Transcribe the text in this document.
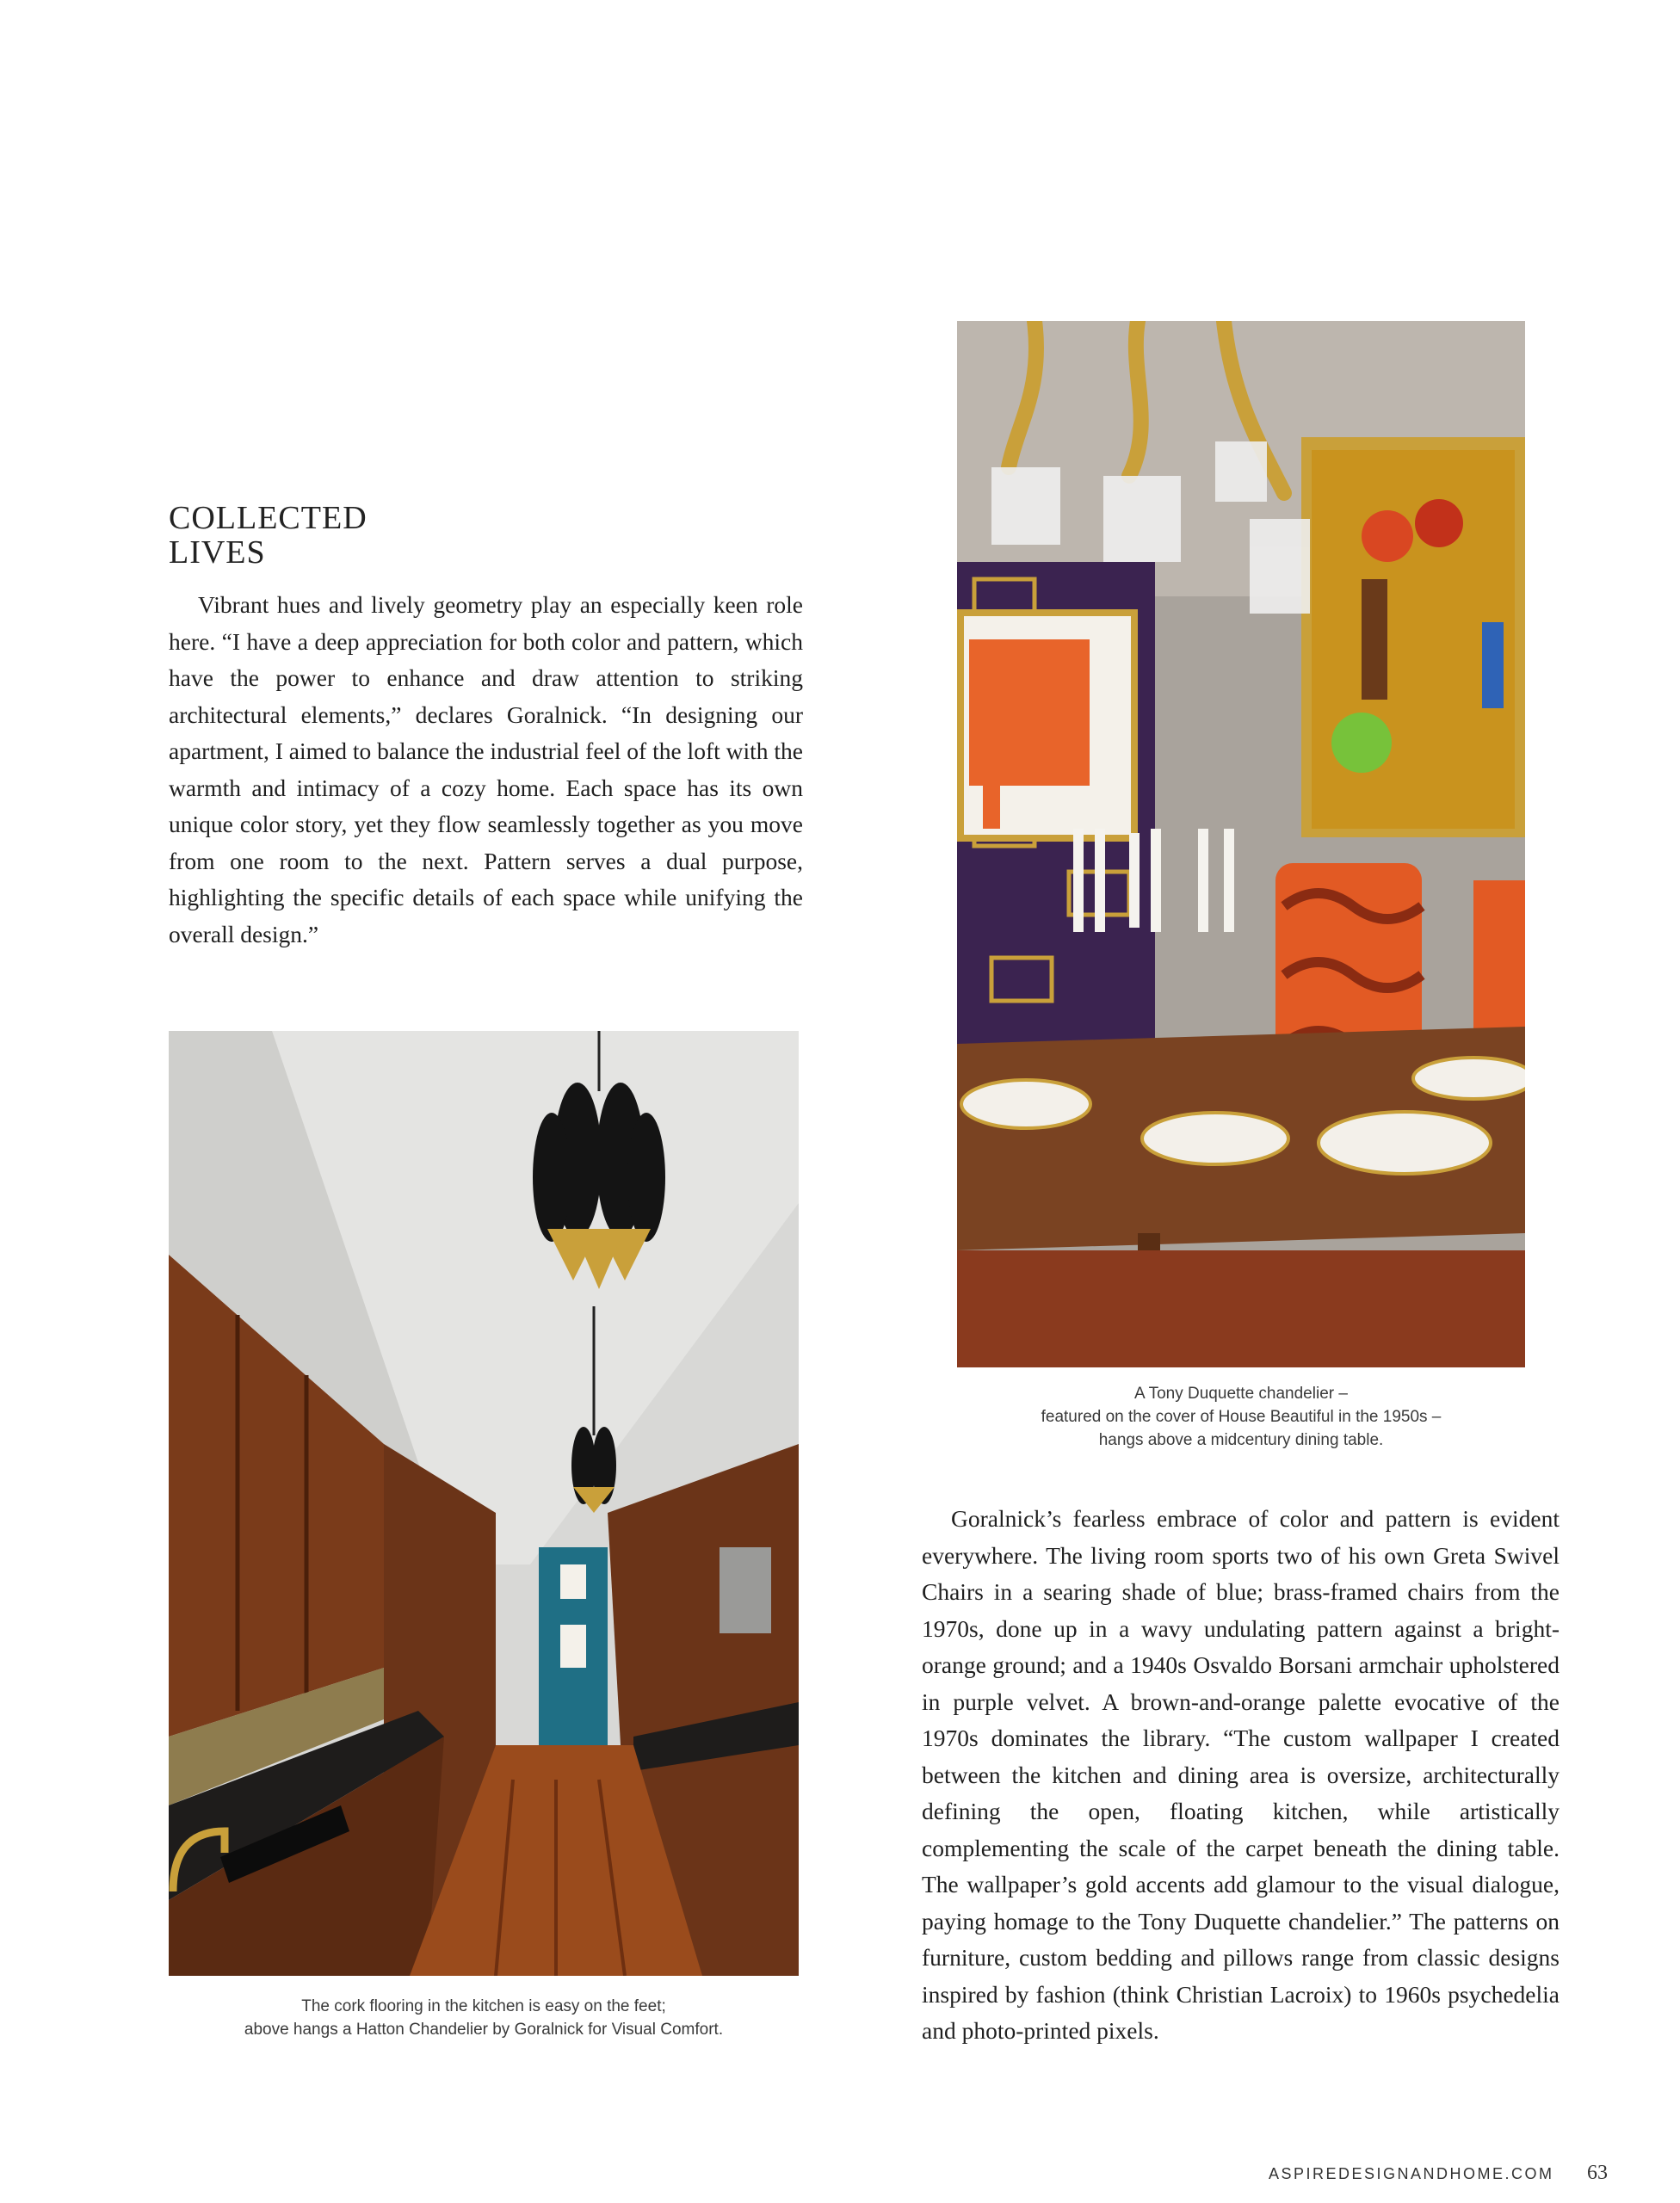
COLLECTED
LIVES

Vibrant hues and lively geometry play an especially keen role here. “I have a deep appreciation for both color and pattern, which have the power to enhance and draw attention to striking architectural elements,” declares Goralnick. “In designing our apartment, I aimed to balance the industrial feel of the loft with the warmth and intimacy of a cozy home. Each space has its own unique color story, yet they flow seamlessly together as you move from one room to the next. Pattern serves a dual purpose, highlighting the specific details of each space while unifying the overall design.”

A Tony Duquette chandelier –
featured on the cover of House Beautiful in the 1950s –
hangs above a midcentury dining table.
The cork flooring in the kitchen is easy on the feet;
above hangs a Hatton Chandelier by Goralnick for Visual Comfort.

Goralnick’s fearless embrace of color and pattern is evident everywhere. The living room sports two of his own Greta Swivel Chairs in a searing shade of blue; brass-framed chairs from the 1970s, done up in a wavy undulating pattern against a bright-orange ground; and a 1940s Osvaldo Borsani armchair upholstered in purple velvet. A brown-and-orange palette evocative of the 1970s dominates the library. “The custom wallpaper I created between the kitchen and dining area is oversize, architecturally defining the open, floating kitchen, while artistically complementing the scale of the carpet beneath the dining table. The wallpaper’s gold accents add glamour to the visual dialogue, paying homage to the Tony Duquette chandelier.” The patterns on furniture, custom bedding and pillows range from classic designs inspired by fashion (think Christian Lacroix) to 1960s psychedelia and photo-printed pixels.

ASPIREDESIGNANDHOME.COM 63
